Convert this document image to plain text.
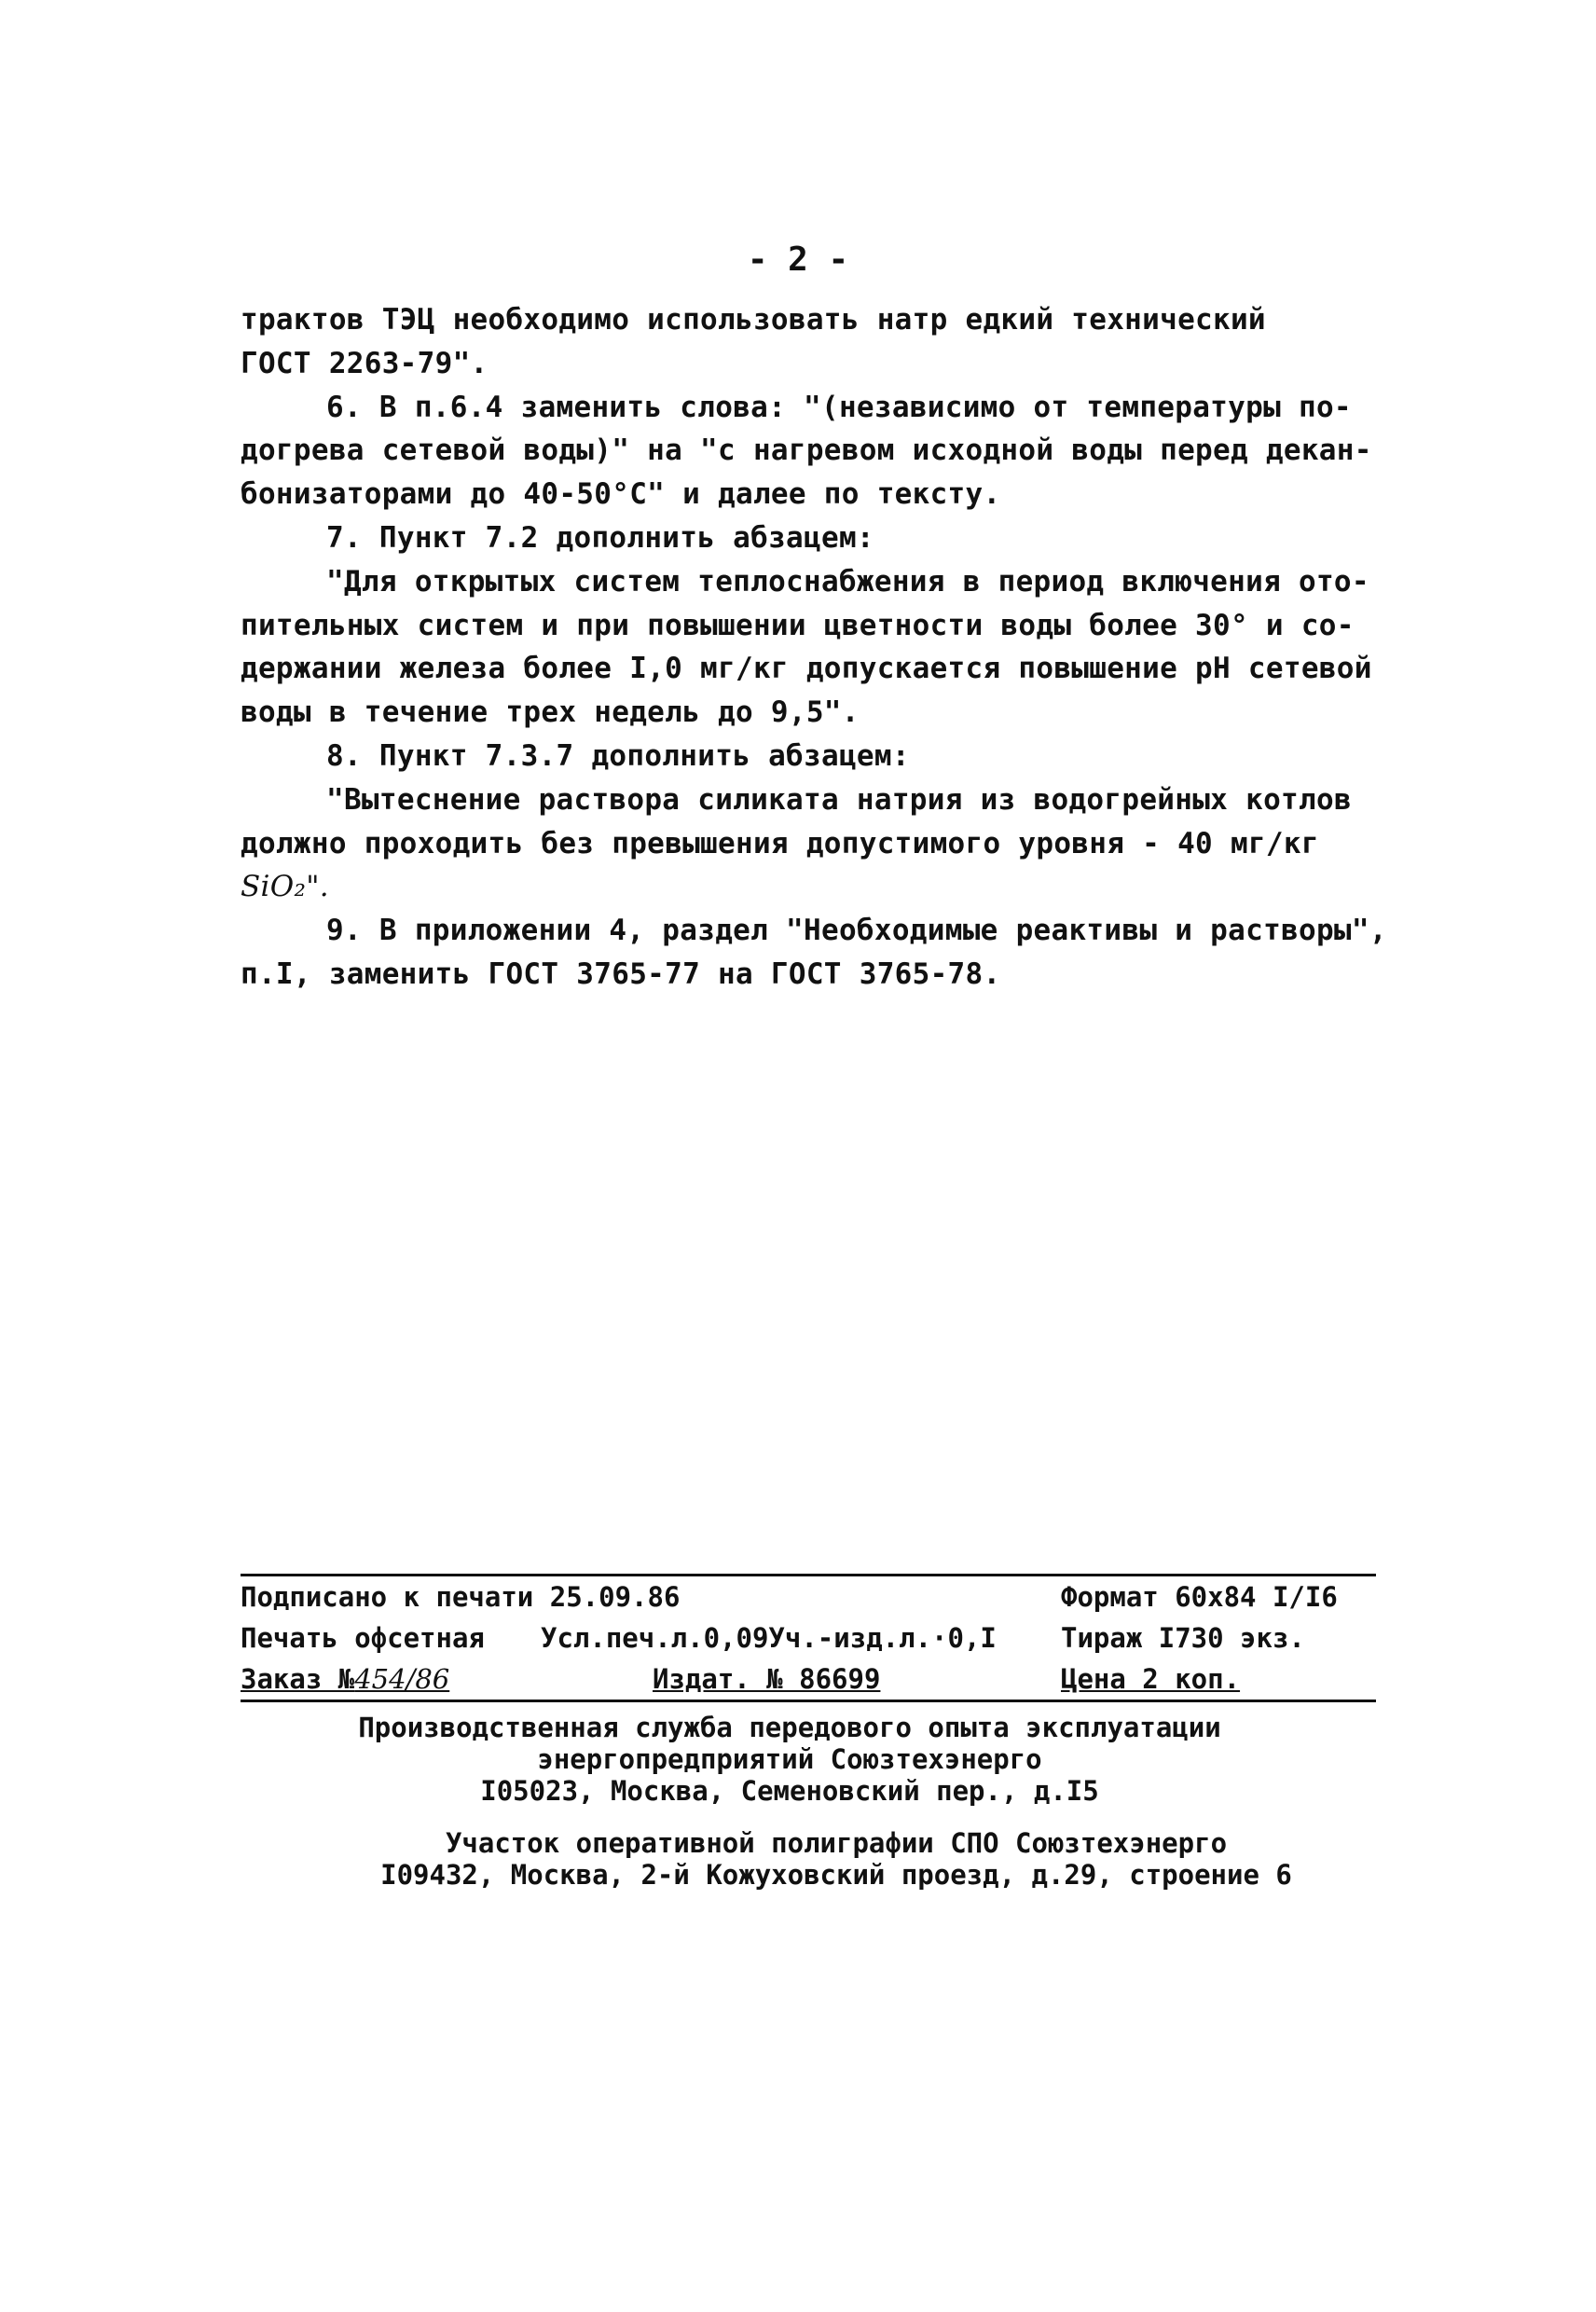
- 2 -
трактов ТЭЦ необходимо использовать натр едкий технический
ГОСТ 2263-79".
6. В п.6.4 заменить слова: "(независимо от температуры по-
догрева сетевой воды)" на "с нагревом исходной воды перед декан-
бонизаторами до 40-50°С" и далее по тексту.
7. Пункт 7.2 дополнить абзацем:
"Для открытых систем теплоснабжения в период включения ото-
пительных систем и при повышении цветности воды более 30° и со-
держании железа более I,0 мг/кг допускается повышение рН сетевой
воды в течение трех недель до 9,5".
8. Пункт 7.3.7 дополнить абзацем:
"Вытеснение раствора силиката натрия из водогрейных котлов
должно проходить без превышения допустимого уровня - 40 мг/кг
SiO₂".
9. В приложении 4, раздел "Необходимые реактивы и растворы",
п.I, заменить ГОСТ 3765-77 на ГОСТ 3765-78.
Подписано к печати 25.09.86	Формат 60х84 I/I6
Печать офсетная Усл.печ.л.0,09Уч.-изд.л.·0,I Тираж I730 экз.
Заказ №454/86	Издат. № 86699	Цена 2 коп.
Производственная служба передового опыта эксплуатации
энергопредприятий Союзтехэнерго
I05023, Москва, Семеновский пер., д.I5
Участок оперативной полиграфии СПО Союзтехэнерго
I09432, Москва, 2-й Кожуховский проезд, д.29, строение 6
